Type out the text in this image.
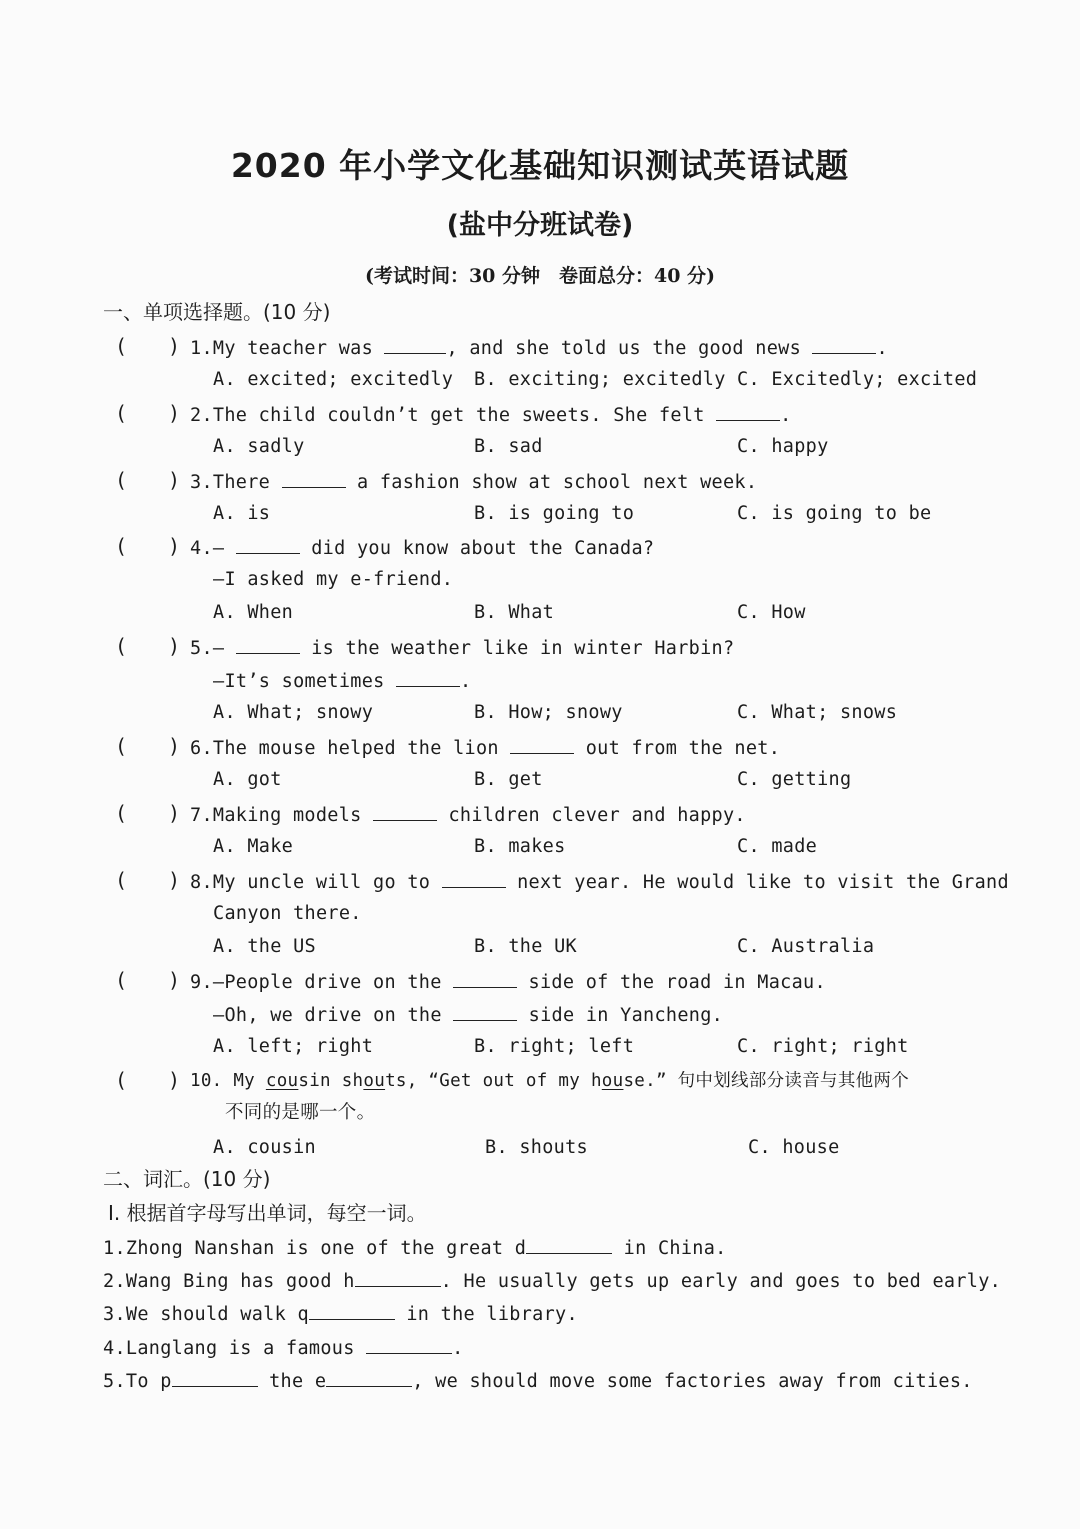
2020 年小学文化基础知识测试英语试题
(盐中分班试卷)
(考试时间：30 分钟　卷面总分：40 分)
一、单项选择题。(10 分)
( ) 1.My teacher was	, and she told us the good news	.
A. excited; excitedly B. exciting; excitedly C. Excitedly; excited
( ) 2.The child couldn’t get the sweets. She felt	.
A. sadly	B. sad	C. happy
( ) 3.There	a fashion show at school next week.
A. is	B. is going to	C. is going to be
( ) 4.—	did you know about the Canada?
—I asked my e-friend.
A. When	B. What	C. How
( ) 5.—	is the weather like in winter Harbin?
—It’s sometimes	.
A. What; snowy	B. How; snowy	C. What; snows
( ) 6.The mouse helped the lion	out from the net.
A. got	B. get	C. getting
( ) 7.Making models	children clever and happy.
A. Make	B. makes	C. made
( ) 8.My uncle will go to	next year. He would like to visit the Grand
Canyon there.
A. the US	B. the UK	C. Australia
( ) 9.—People drive on the	side of the road in Macau.
—Oh, we drive on the	side in Yancheng.
A. left; right	B. right; left	C. right; right
( ) 10. My cousin shouts, “Get out of my house.” 句中划线部分读音与其他两个
不同的是哪一个。
A. cousin	B. shouts	C. house
二、词汇。(10 分)
Ⅰ. 根据首字母写出单词，每空一词。
1.Zhong Nanshan is one of the great d	in China.
2.Wang Bing has good h	. He usually gets up early and goes to bed early.
3.We should walk q	in the library.
4.Langlang is a famous	.
5.To p	the e	, we should move some factories away from cities.
